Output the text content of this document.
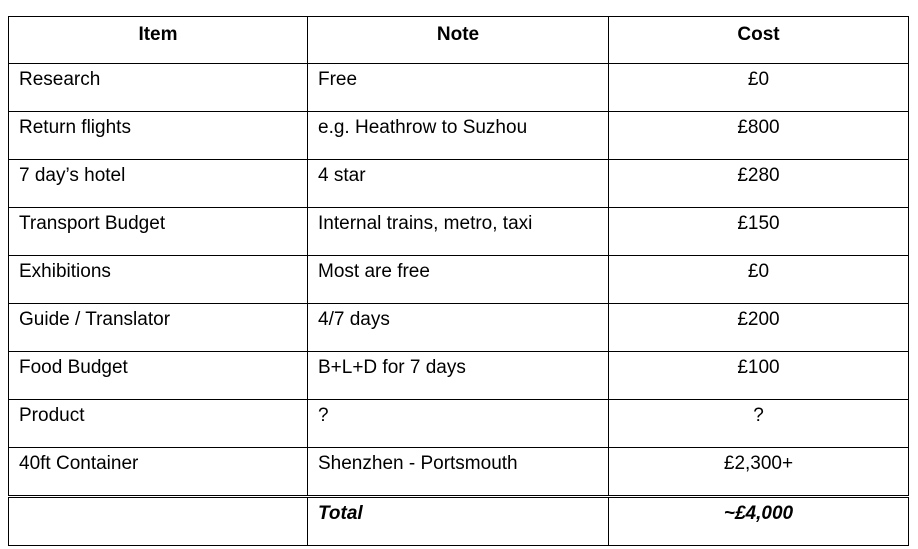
Item	Note	Cost
Research	Free	£0
Return flights	e.g. Heathrow to Suzhou	£800
7 day’s hotel	4 star	£280
Transport Budget	Internal trains, metro, taxi	£150
Exhibitions	Most are free	£0
Guide / Translator	4/7 days	£200
Food Budget	B+L+D for 7 days	£100
Product	?	?
40ft Container	Shenzhen - Portsmouth	£2,300+
	Total	~£4,000
